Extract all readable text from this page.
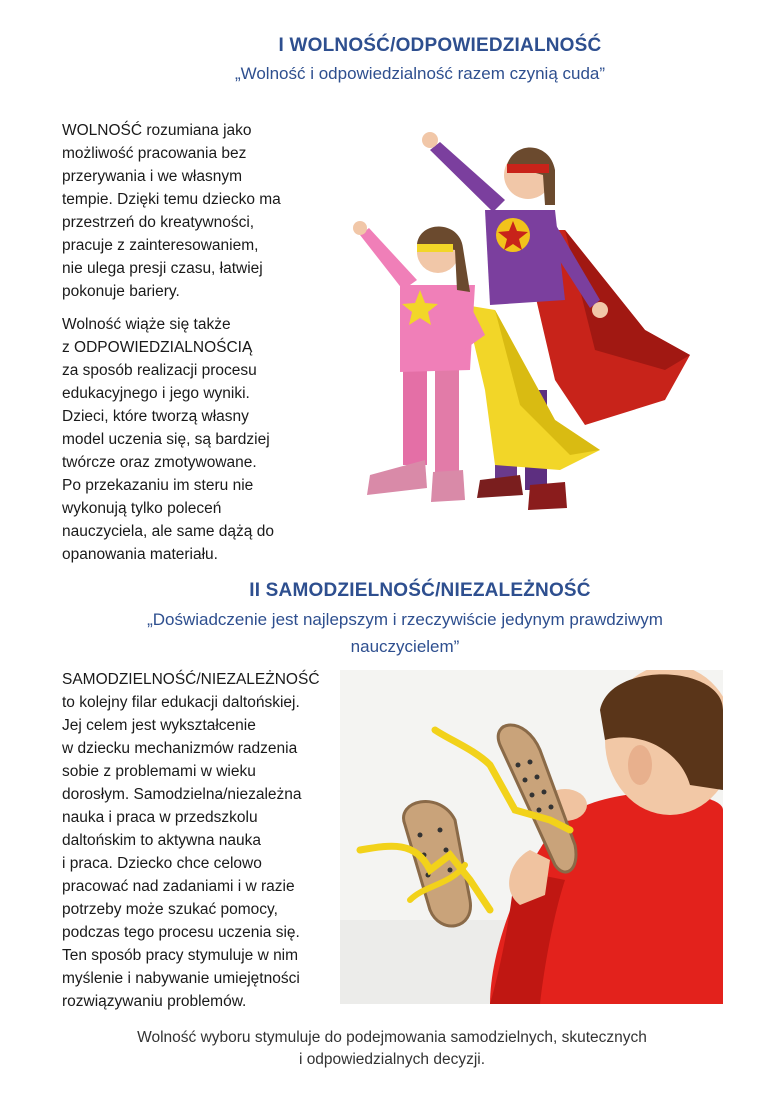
I WOLNOŚĆ/ODPOWIEDZIALNOŚĆ
„Wolność i odpowiedzialność razem czynią cuda”

WOLNOŚĆ rozumiana jako
możliwość pracowania bez
przerywania i we własnym
tempie. Dzięki temu dziecko ma
przestrzeń do kreatywności,
pracuje z zainteresowaniem,
nie ulega presji czasu, łatwiej
pokonuje bariery.

Wolność wiąże się także
z ODPOWIEDZIALNOŚCIĄ
za sposób realizacji procesu
edukacyjnego i jego wyniki.
Dzieci, które tworzą własny
model uczenia się, są bardziej
twórcze oraz zmotywowane.
Po przekazaniu im steru nie
wykonują tylko poleceń
nauczyciela, ale same dążą do
opanowania materiału.

II SAMODZIELNOŚĆ/NIEZALEŻNOŚĆ
„Doświadczenie jest najlepszym i rzeczywiście jedynym prawdziwym
nauczycielem”

SAMODZIELNOŚĆ/NIEZALEŻNOŚĆ
to kolejny filar edukacji daltońskiej.
Jej celem jest wykształcenie
w dziecku mechanizmów radzenia
sobie z problemami w wieku
dorosłym. Samodzielna/niezależna
nauka i praca w przedszkolu
daltońskim to aktywna nauka
i praca. Dziecko chce celowo
pracować nad zadaniami i w razie
potrzeby może szukać pomocy,
podczas tego procesu uczenia się.
Ten sposób pracy stymuluje w nim
myślenie i nabywanie umiejętności
rozwiązywaniu problemów.

Wolność wyboru stymuluje do podejmowania samodzielnych, skutecznych
i odpowiedzialnych decyzji.
